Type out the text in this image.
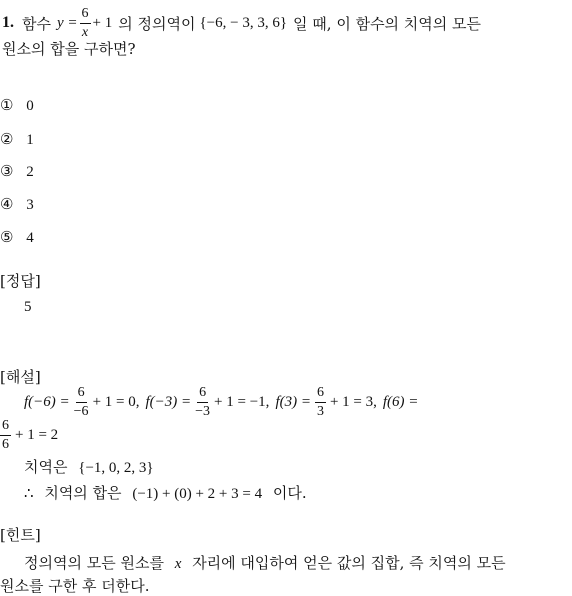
1. 함수 $y = \frac{6}{x} + 1$ 의 정의역이 {−6, − 3, 3, 6} 일 때, 이 함수의 치역의 모든
원소의 합을 구하면?
① 0
② 1
③ 2
④ 3
⑤ 4
[정답]
5
[해설]
$f(-6) = \frac{6}{-6} + 1 = 0$, $f(-3) = \frac{6}{-3} + 1 = -1$, $f(3) = \frac{6}{3} + 1 = 3$, f(6) =
$\frac{6}{6} + 1 = 2$
치역은 {−1, 0, 2, 3}
∴ 치역의 합은 (−1) + (0) + 2 + 3 = 4 이다.
[힌트]
정의역의 모든 원소를 x 자리에 대입하여 얻은 값의 집합, 즉 치역의 모든
원소를 구한 후 더한다.
